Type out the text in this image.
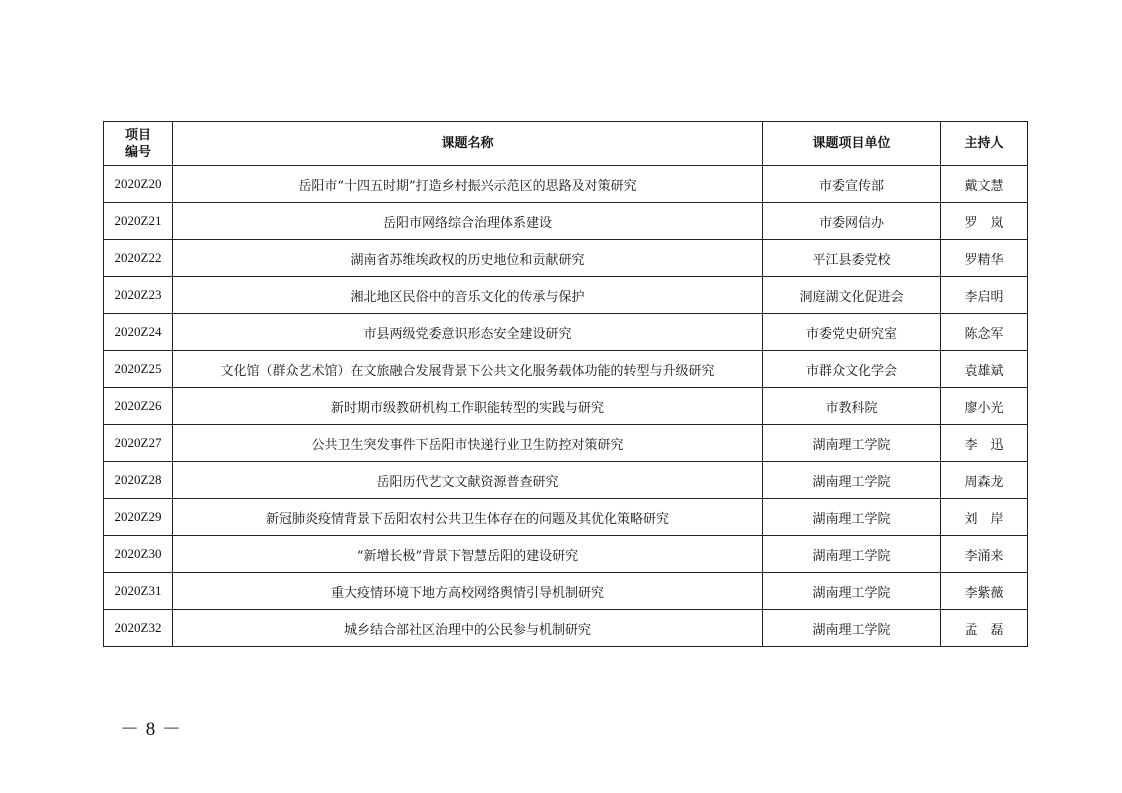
项目
编号	课题名称	课题项目单位	主持人
2020Z20	岳阳市“十四五时期”打造乡村振兴示范区的思路及对策研究	市委宣传部	戴文慧
2020Z21	岳阳市网络综合治理体系建设	市委网信办	罗　岚
2020Z22	湖南省苏维埃政权的历史地位和贡献研究	平江县委党校	罗精华
2020Z23	湘北地区民俗中的音乐文化的传承与保护	洞庭湖文化促进会	李启明
2020Z24	市县两级党委意识形态安全建设研究	市委党史研究室	陈念军
2020Z25	文化馆（群众艺术馆）在文旅融合发展背景下公共文化服务载体功能的转型与升级研究	市群众文化学会	袁雄斌
2020Z26	新时期市级教研机构工作职能转型的实践与研究	市教科院	廖小光
2020Z27	公共卫生突发事件下岳阳市快递行业卫生防控对策研究	湖南理工学院	李　迅
2020Z28	岳阳历代艺文文献资源普查研究	湖南理工学院	周森龙
2020Z29	新冠肺炎疫情背景下岳阳农村公共卫生体存在的问题及其优化策略研究	湖南理工学院	刘　岸
2020Z30	“新增长极”背景下智慧岳阳的建设研究	湖南理工学院	李涌来
2020Z31	重大疫情环境下地方高校网络舆情引导机制研究	湖南理工学院	李紫薇
2020Z32	城乡结合部社区治理中的公民参与机制研究	湖南理工学院	孟　磊
－ 8 －
